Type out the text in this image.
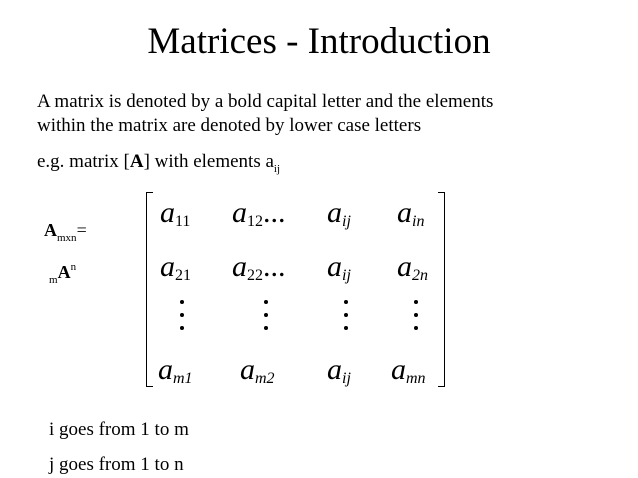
Matrices - Introduction
A matrix is denoted by a bold capital letter and the elements
within the matrix are denoted by lower case letters
e.g. matrix [A] with elements $a_{ij}$
$A_{mxn}=$
$_mA^n$
a11 a12... aij ain
a21 a22... aij a2n
am1 am2 aij amn
i goes from 1 to m
j goes from 1 to n
